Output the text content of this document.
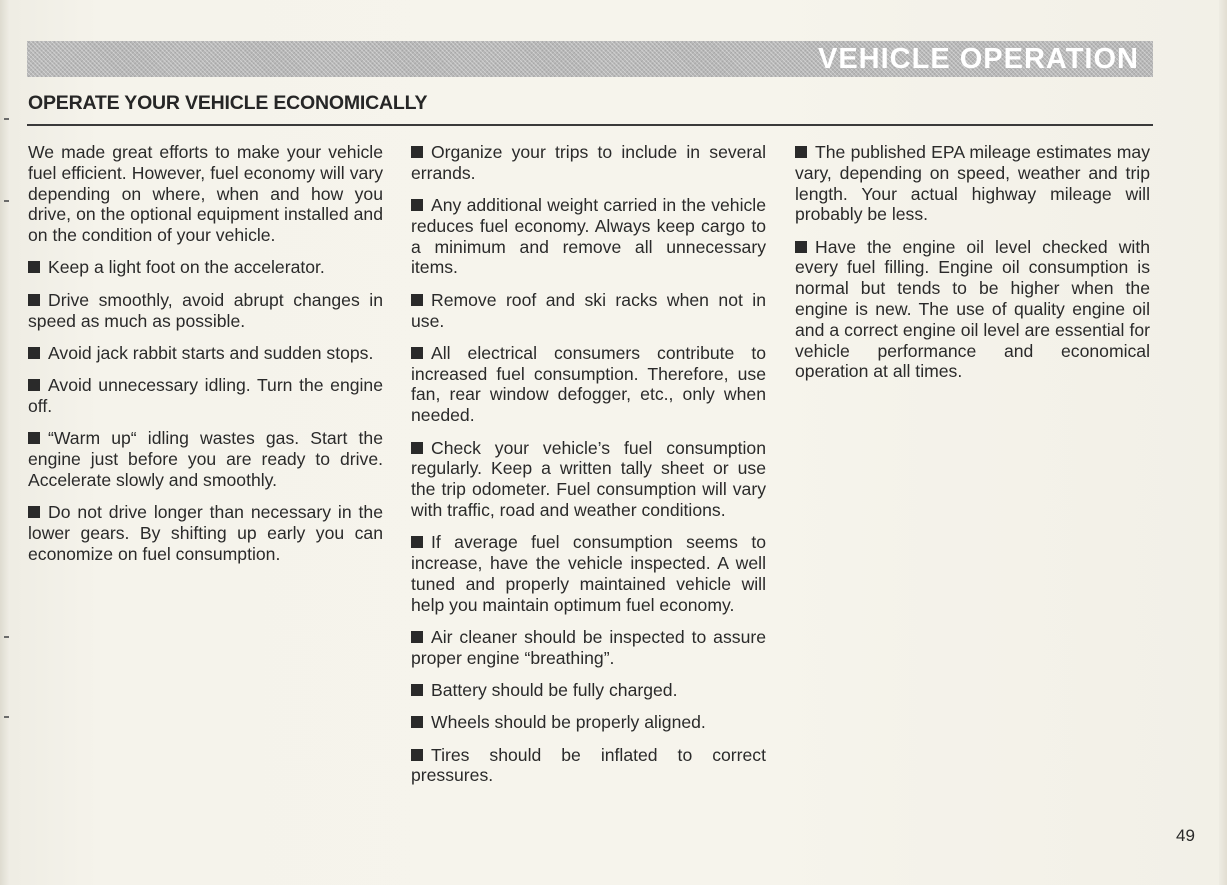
VEHICLE OPERATION
OPERATE YOUR VEHICLE ECONOMICALLY

We made great efforts to make your vehicle fuel efficient. However, fuel economy will vary depending on where, when and how you drive, on the optional equipment installed and on the condition of your vehicle.

Keep a light foot on the accelerator.

Drive smoothly, avoid abrupt changes in speed as much as possible.

Avoid jack rabbit starts and sudden stops.

Avoid unnecessary idling. Turn the engine off.

“Warm up“ idling wastes gas. Start the engine just before you are ready to drive. Accelerate slowly and smoothly.

Do not drive longer than necessary in the lower gears. By shifting up early you can economize on fuel consumption.

Organize your trips to include in several errands.

Any additional weight carried in the vehicle reduces fuel economy. Always keep cargo to a minimum and remove all unnecessary items.

Remove roof and ski racks when not in use.

All electrical consumers contribute to increased fuel consumption. Therefore, use fan, rear window defogger, etc., only when needed.

Check your vehicle’s fuel consumption regularly. Keep a written tally sheet or use the trip odometer. Fuel consumption will vary with traffic, road and weather conditions.

If average fuel consumption seems to increase, have the vehicle inspected. A well tuned and properly maintained vehicle will help you maintain optimum fuel economy.

Air cleaner should be inspected to assure proper engine “breathing”.

Battery should be fully charged.

Wheels should be properly aligned.

Tires should be inflated to correct pressures.

The published EPA mileage estimates may vary, depending on speed, weather and trip length. Your actual highway mileage will probably be less.

Have the engine oil level checked with every fuel filling. Engine oil consumption is normal but tends to be higher when the engine is new. The use of quality engine oil and a correct engine oil level are essential for vehicle performance and economical operation at all times.

49
